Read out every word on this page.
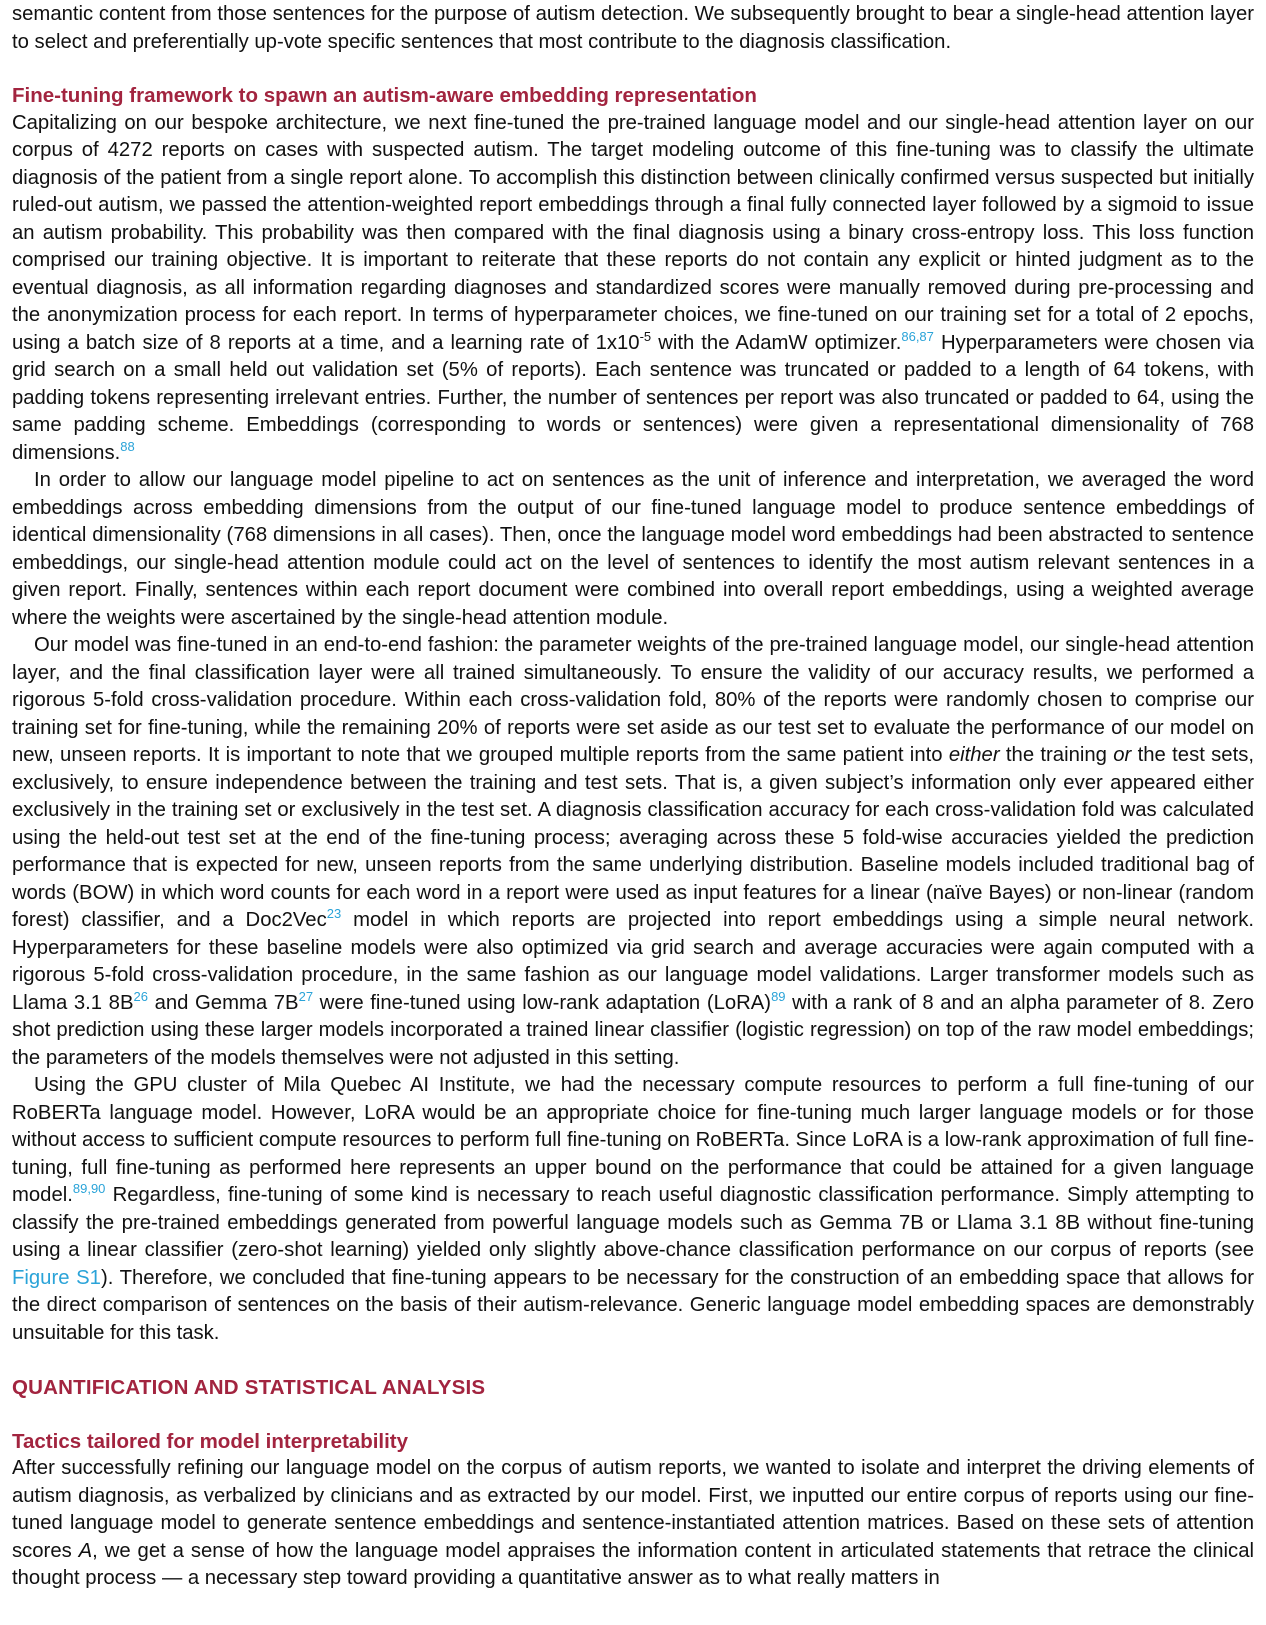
semantic content from those sentences for the purpose of autism detection. We subsequently brought to bear a single-head attention layer to select and preferentially up-vote specific sentences that most contribute to the diagnosis classification.

Fine-tuning framework to spawn an autism-aware embedding representation

Capitalizing on our bespoke architecture, we next fine-tuned the pre-trained language model and our single-head attention layer on our corpus of 4272 reports on cases with suspected autism. The target modeling outcome of this fine-tuning was to classify the ultimate diagnosis of the patient from a single report alone. To accomplish this distinction between clinically confirmed versus suspected but initially ruled-out autism, we passed the attention-weighted report embeddings through a final fully connected layer followed by a sigmoid to issue an autism probability. This probability was then compared with the final diagnosis using a binary cross-entropy loss. This loss function comprised our training objective. It is important to reiterate that these reports do not contain any explicit or hinted judgment as to the eventual diagnosis, as all information regarding diagnoses and standardized scores were manually removed during pre-processing and the anonymization process for each report. In terms of hyperparameter choices, we fine-tuned on our training set for a total of 2 epochs, using a batch size of 8 reports at a time, and a learning rate of $1x10^{-5}$ with the AdamW optimizer.$^{86,87}$ Hyperparameters were chosen via grid search on a small held out validation set (5% of reports). Each sentence was truncated or padded to a length of 64 tokens, with padding tokens representing irrelevant entries. Further, the number of sentences per report was also truncated or padded to 64, using the same padding scheme. Embeddings (corresponding to words or sentences) were given a representational dimensionality of 768 dimensions.$^{88}$

In order to allow our language model pipeline to act on sentences as the unit of inference and interpretation, we averaged the word embeddings across embedding dimensions from the output of our fine-tuned language model to produce sentence embeddings of identical dimensionality (768 dimensions in all cases). Then, once the language model word embeddings had been abstracted to sentence embeddings, our single-head attention module could act on the level of sentences to identify the most autism relevant sentences in a given report. Finally, sentences within each report document were combined into overall report embeddings, using a weighted average where the weights were ascertained by the single-head attention module.

Our model was fine-tuned in an end-to-end fashion: the parameter weights of the pre-trained language model, our single-head attention layer, and the final classification layer were all trained simultaneously. To ensure the validity of our accuracy results, we performed a rigorous 5-fold cross-validation procedure. Within each cross-validation fold, 80% of the reports were randomly chosen to comprise our training set for fine-tuning, while the remaining 20% of reports were set aside as our test set to evaluate the performance of our model on new, unseen reports. It is important to note that we grouped multiple reports from the same patient into either the training or the test sets, exclusively, to ensure independence between the training and test sets. That is, a given subject’s information only ever appeared either exclusively in the training set or exclusively in the test set. A diagnosis classification accuracy for each cross-validation fold was calculated using the held-out test set at the end of the fine-tuning process; averaging across these 5 fold-wise accuracies yielded the prediction performance that is expected for new, unseen reports from the same underlying distribution. Baseline models included traditional bag of words (BOW) in which word counts for each word in a report were used as input features for a linear (naïve Bayes) or non-linear (random forest) classifier, and a Doc2Vec$^{23}$ model in which reports are projected into report embeddings using a simple neural network. Hyperparameters for these baseline models were also optimized via grid search and average accuracies were again computed with a rigorous 5-fold cross-validation procedure, in the same fashion as our language model validations. Larger transformer models such as Llama 3.1 8B$^{26}$ and Gemma 7B$^{27}$ were fine-tuned using low-rank adaptation (LoRA)$^{89}$ with a rank of 8 and an alpha parameter of 8. Zero shot prediction using these larger models incorporated a trained linear classifier (logistic regression) on top of the raw model embeddings; the parameters of the models themselves were not adjusted in this setting.

Using the GPU cluster of Mila Quebec AI Institute, we had the necessary compute resources to perform a full fine-tuning of our RoBERTa language model. However, LoRA would be an appropriate choice for fine-tuning much larger language models or for those without access to sufficient compute resources to perform full fine-tuning on RoBERTa. Since LoRA is a low-rank approximation of full fine-tuning, full fine-tuning as performed here represents an upper bound on the performance that could be attained for a given language model.$^{89,90}$ Regardless, fine-tuning of some kind is necessary to reach useful diagnostic classification performance. Simply attempting to classify the pre-trained embeddings generated from powerful language models such as Gemma 7B or Llama 3.1 8B without fine-tuning using a linear classifier (zero-shot learning) yielded only slightly above-chance classification performance on our corpus of reports (see Figure S1). Therefore, we concluded that fine-tuning appears to be necessary for the construction of an embedding space that allows for the direct comparison of sentences on the basis of their autism-relevance. Generic language model embedding spaces are demonstrably unsuitable for this task.

QUANTIFICATION AND STATISTICAL ANALYSIS
Tactics tailored for model interpretability

After successfully refining our language model on the corpus of autism reports, we wanted to isolate and interpret the driving elements of autism diagnosis, as verbalized by clinicians and as extracted by our model. First, we inputted our entire corpus of reports using our fine-tuned language model to generate sentence embeddings and sentence-instantiated attention matrices. Based on these sets of attention scores A, we get a sense of how the language model appraises the information content in articulated statements that retrace the clinical thought process — a necessary step toward providing a quantitative answer as to what really matters in
